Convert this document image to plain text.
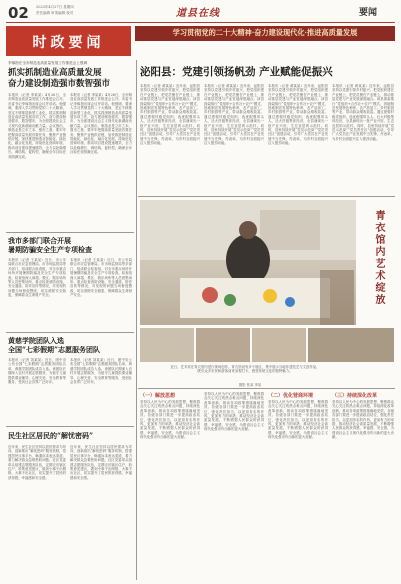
02 2023年4月27日 星期四
责任编辑 审美编辑 校对	道县在线	要闻
时政要闻
学习贯彻党的二十大精神·奋力建设现代化·推进高质量发展
李琢指在全市制造业高质量发展工作推进会上强调
抓实抓制造业高质量发展
奋力建设制造强市数智强市
本报讯（记者 李某某）4月26日，全市制造业高质量发展工作推进会召开。市委书记李琢指出席会议并讲话。他强调，要深入学习贯彻党的二十大精神，坚定不移推进新型工业化，抓实抓细制造业高质量发展各项工作，奋力建设制造强市、数智强市，为全面建设社会主义现代化新湖南贡献力量。会议指出，制造业是立市之本、强市之基，要牢牢把握高质量发展首要任务，聚焦产业链供应链，加快推进制造业智能化、绿色化、融合化发展，持续优化营商环境，推动项目建设提速增效，全力以赴稳增长、调结构、促转型，确保全年目标任务圆满完成。
本报讯（记者 李某某）4月26日，全市制造业高质量发展工作推进会召开。市委书记李琢指出席会议并讲话。他强调，要深入学习贯彻党的二十大精神，坚定不移推进新型工业化，抓实抓细制造业高质量发展各项工作，奋力建设制造强市、数智强市，为全面建设社会主义现代化新湖南贡献力量。会议指出，制造业是立市之本、强市之基，要牢牢把握高质量发展首要任务，聚焦产业链供应链，加快推进制造业智能化、绿色化、融合化发展，持续优化营商环境，推动项目建设提速增效，全力以赴稳增长、调结构、促转型，确保全年目标任务圆满完成。
泌阳县：党建引领扬帆劲 产业赋能促振兴
本报讯（记者 黄某某）近年来，泌阳县坚持以党建引领乡村振兴，把党组织建在产业链上，把党员聚在产业链上，推动基层党建与产业发展深度融合。该县探索推行“党组织+合作社+农户”模式，因地制宜发展特色种养、农产品加工、乡村旅游等产业，带动群众增收致富。通过建强村级党组织、选优配强带头人、壮大村级集体经济，全县涌现出一批产业兴旺、生态宜居的示范村。同时，县里持续开展“党员示范岗”“党员责任区”创建活动，引导广大党员在产业发展中当先锋、作表率，为乡村全面振兴注入强劲动能。
本报讯（记者 黄某某）近年来，泌阳县坚持以党建引领乡村振兴，把党组织建在产业链上，把党员聚在产业链上，推动基层党建与产业发展深度融合。该县探索推行“党组织+合作社+农户”模式，因地制宜发展特色种养、农产品加工、乡村旅游等产业，带动群众增收致富。通过建强村级党组织、选优配强带头人、壮大村级集体经济，全县涌现出一批产业兴旺、生态宜居的示范村。同时，县里持续开展“党员示范岗”“党员责任区”创建活动，引导广大党员在产业发展中当先锋、作表率，为乡村全面振兴注入强劲动能。
本报讯（记者 黄某某）近年来，泌阳县坚持以党建引领乡村振兴，把党组织建在产业链上，把党员聚在产业链上，推动基层党建与产业发展深度融合。该县探索推行“党组织+合作社+农户”模式，因地制宜发展特色种养、农产品加工、乡村旅游等产业，带动群众增收致富。通过建强村级党组织、选优配强带头人、壮大村级集体经济，全县涌现出一批产业兴旺、生态宜居的示范村。同时，县里持续开展“党员示范岗”“党员责任区”创建活动，引导广大党员在产业发展中当先锋、作表率，为乡村全面振兴注入强劲动能。
本报讯（记者 黄某某）近年来，泌阳县坚持以党建引领乡村振兴，把党组织建在产业链上，把党员聚在产业链上，推动基层党建与产业发展深度融合。该县探索推行“党组织+合作社+农户”模式，因地制宜发展特色种养、农产品加工、乡村旅游等产业，带动群众增收致富。通过建强村级党组织、选优配强带头人、壮大村级集体经济，全县涌现出一批产业兴旺、生态宜居的示范村。同时，县里持续开展“党员示范岗”“党员责任区”创建活动，引导广大党员在产业发展中当先锋、作表率，为乡村全面振兴注入强劲动能。
我市多部门联合开展
暑期防骗安全生产专项检查
本报讯（记者 王某某）近日，市公安局联合市应急管理局、市市场监管局等多部门，组成联合检查组，对全市重点场所开展暑期防骗及安全生产专项检查。检查组深入商超、景区、娱乐场所等人员密集场所，重点检查消防设施、安全通道、防诈宣传等情况，对发现的问题当场督促整改，切实消除安全隐患，保障群众生命财产安全。
本报讯（记者 王某某）近日，市公安局联合市应急管理局、市市场监管局等多部门，组成联合检查组，对全市重点场所开展暑期防骗及安全生产专项检查。检查组深入商超、景区、娱乐场所等人员密集场所，重点检查消防设施、安全通道、防诈宣传等情况，对发现的问题当场督促整改，切实消除安全隐患，保障群众生命财产安全。
黄慈学院团队入选
全国“七彩假期”志愿服务团队
本报讯（记者 刘某某）近日，团中央公布全国“七彩假期”志愿服务团队名单，黄慈学院团队成功入选。该团队长期深入农村开展志愿服务，为留守儿童提供课业辅导、心理关爱、安全教育等服务，受到社会各界广泛好评。
本报讯（记者 刘某某）近日，团中央公布全国“七彩假期”志愿服务团队名单，黄慈学院团队成功入选。该团队长期深入农村开展志愿服务，为留守儿童提供课业辅导、心理关爱、安全教育等服务，受到社会各界广泛好评。
民生社区居民的“解忧密码”
近年来，民生社区坚持以居民需求为导向，创新推出“解忧密码”服务机制，搭建居民议事平台，畅通诉求表达渠道，着力解决群众急难愁盼问题。社区党委牵头组建志愿服务队伍，定期走访辖区住户，收集意见建议，做到小事不出网格、大事不出社区，切实提升了居民的获得感、幸福感和安全感。
近年来，民生社区坚持以居民需求为导向，创新推出“解忧密码”服务机制，搭建居民议事平台，畅通诉求表达渠道，着力解决群众急难愁盼问题。社区党委牵头组建志愿服务队伍，定期走访辖区住户，收集意见建议，做到小事不出网格、大事不出社区，切实提升了居民的获得感、幸福感和安全感。
青衣馆内艺术绽放
近日，艺术家在青衣馆内进行现场创作。青衣馆设有多个展区，集中展示当地非遗技艺与文创作品，吸引众多市民和游客前来参观打卡，感受传统文化的独特魅力。
摄影 张某 李某
（一）解放思想
坚持以人民为中心的发展思想，聚焦群众关心关注的热点难点问题，持续深化改革创新，推动各项政策措施落地见效。各级各部门要进一步提高政治站位，强化责任担当，以更加务实的作风、更加有力的举措，推动经济社会高质量发展，不断增强人民群众的获得感、幸福感、安全感，为建设社会主义现代化强市作出新的更大贡献。
坚持以人民为中心的发展思想，聚焦群众关心关注的热点难点问题，持续深化改革创新，推动各项政策措施落地见效。各级各部门要进一步提高政治站位，强化责任担当，以更加务实的作风、更加有力的举措，推动经济社会高质量发展，不断增强人民群众的获得感、幸福感、安全感，为建设社会主义现代化强市作出新的更大贡献。
（二）优化营商环境
坚持以人民为中心的发展思想，聚焦群众关心关注的热点难点问题，持续深化改革创新，推动各项政策措施落地见效。各级各部门要进一步提高政治站位，强化责任担当，以更加务实的作风、更加有力的举措，推动经济社会高质量发展，不断增强人民群众的获得感、幸福感、安全感，为建设社会主义现代化强市作出新的更大贡献。
（三）持续深化改革
坚持以人民为中心的发展思想，聚焦群众关心关注的热点难点问题，持续深化改革创新，推动各项政策措施落地见效。各级各部门要进一步提高政治站位，强化责任担当，以更加务实的作风、更加有力的举措，推动经济社会高质量发展，不断增强人民群众的获得感、幸福感、安全感，为建设社会主义现代化强市作出新的更大贡献。
